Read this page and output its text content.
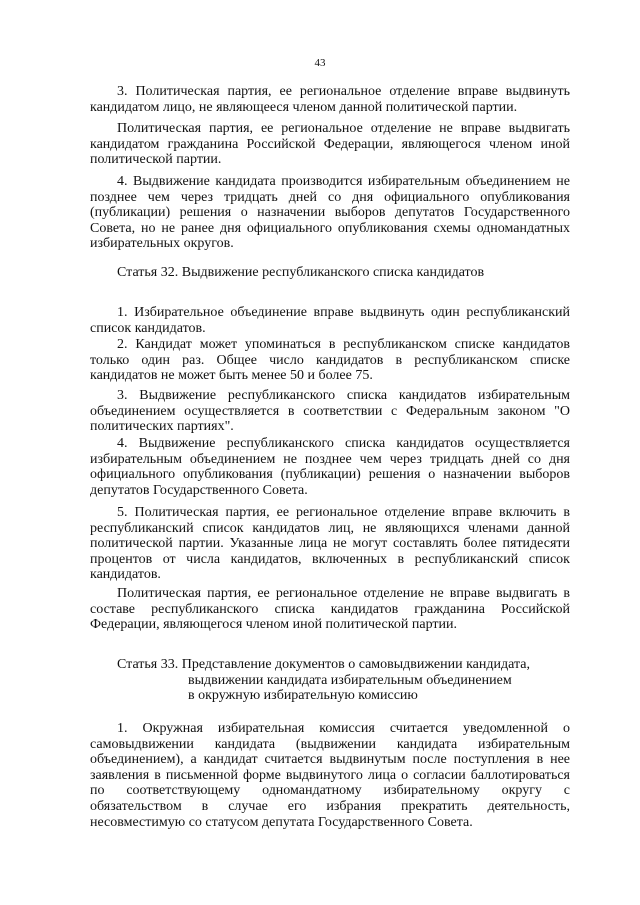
43

3. Политическая партия, ее региональное отделение вправе выдвинуть кандидатом лицо, не являющееся членом данной политической партии.

Политическая партия, ее региональное отделение не вправе выдвигать кандидатом гражданина Российской Федерации, являющегося членом иной политической партии.

4. Выдвижение кандидата производится избирательным объединением не позднее чем через тридцать дней со дня официального опубликования (публикации) решения о назначении выборов депутатов Государственного Совета, но не ранее дня официального опубликования схемы одномандатных избирательных округов.

Статья 32. Выдвижение республиканского списка кандидатов

1. Избирательное объединение вправе выдвинуть один республиканский список кандидатов.

2. Кандидат может упоминаться в республиканском списке кандидатов только один раз. Общее число кандидатов в республиканском списке кандидатов не может быть менее 50 и более 75.

3. Выдвижение республиканского списка кандидатов избирательным объединением осуществляется в соответствии с Федеральным законом "О политических партиях".

4. Выдвижение республиканского списка кандидатов осуществляется избирательным объединением не позднее чем через тридцать дней со дня официального опубликования (публикации) решения о назначении выборов депутатов Государственного Совета.

5. Политическая партия, ее региональное отделение вправе включить в республиканский список кандидатов лиц, не являющихся членами данной политической партии. Указанные лица не могут составлять более пятидесяти процентов от числа кандидатов, включенных в республиканский список кандидатов.

Политическая партия, ее региональное отделение не вправе выдвигать в составе республиканского списка кандидатов гражданина Российской Федерации, являющегося членом иной политической партии.

Статья 33. Представление документов о самовыдвижении кандидата,
выдвижении кандидата избирательным объединением
в окружную избирательную комиссию

1. Окружная избирательная комиссия считается уведомленной о самовыдвижении кандидата (выдвижении кандидата избирательным объединением), а кандидат считается выдвинутым после поступления в нее заявления в письменной форме выдвинутого лица о согласии баллотироваться по соответствующему одномандатному избирательному округу с обязательством в случае его избрания прекратить деятельность, несовместимую со статусом депутата Государственного Совета.
